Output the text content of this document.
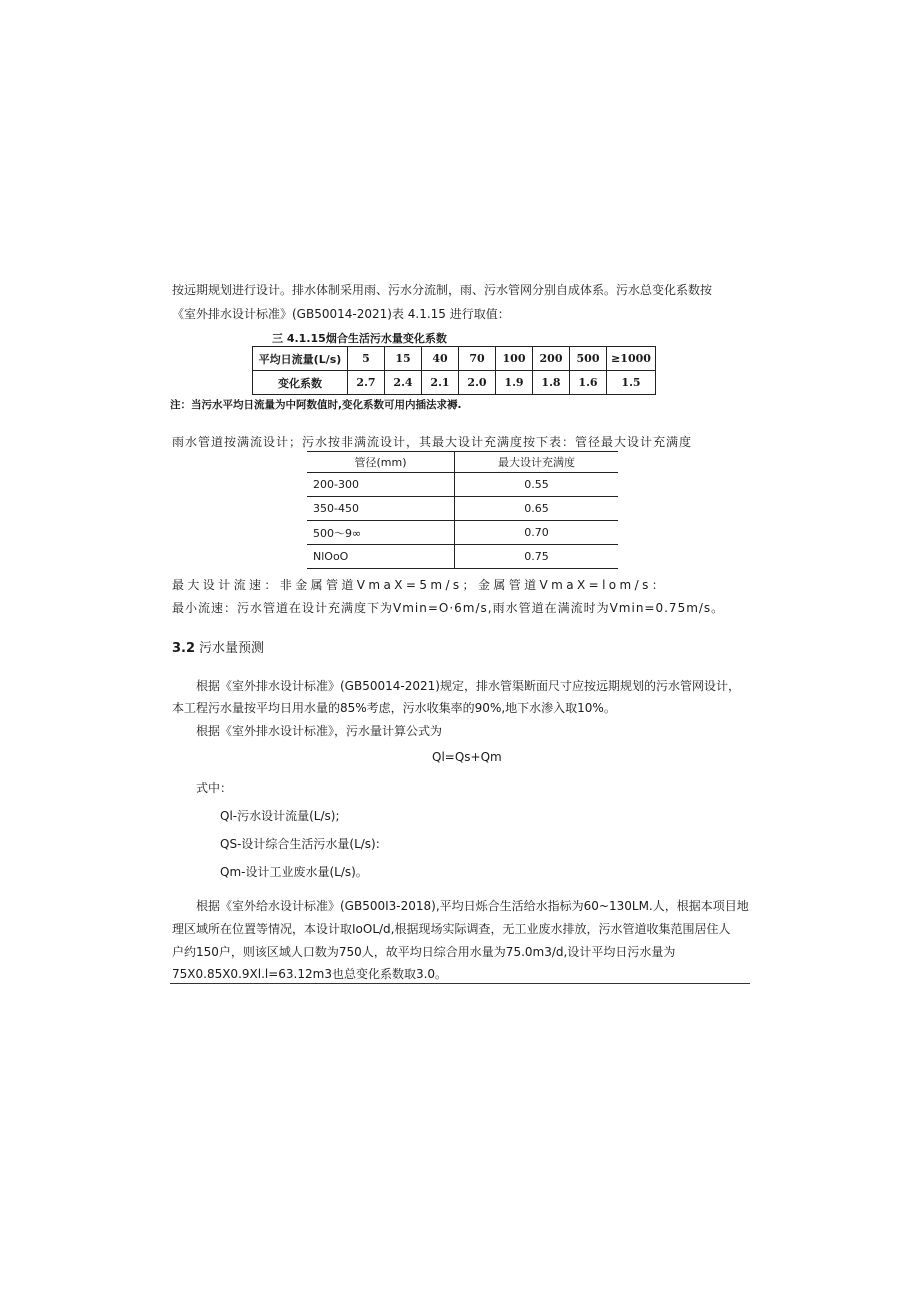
按远期规划进行设计。排水体制采用雨、污水分流制，雨、污水管网分别自成体系。污水总变化系数按
《室外排水设计标准》(GB50014-2021)表 4.1.15 进行取值：
三 4.1.15烟合生活污水量变化系数
平均日流量(L/s)	5	15	40	70	100	200	500	≥1000
变化系数	2.7	2.4	2.1	2.0	1.9	1.8	1.6	1.5
注：当污水平均日流量为中阿数值时,变化系数可用内插法求褥.
雨水管道按满流设计；污水按非满流设计，其最大设计充满度按下表：管径最大设计充满度
管径(mm)	最大设计充满度
200-300	0.55
350-450	0.65
500～9∞	0.70
NlOoO	0.75
最大设计流速：非金属管道VmaX=5m/s；金属管道VmaX=lom/s：
最小流速：污水管道在设计充满度下为Vmin=O·6m/s,雨水管道在满流时为Vmin=0.75m/s。
3.2 污水量预测
根据《室外排水设计标准》(GB50014-2021)规定，排水管渠断面尺寸应按远期规划的污水管网设计，
本工程污水量按平均日用水量的85%考虑，污水收集率的90%,地下水渗入取10%。
根据《室外排水设计标准》，污水量计算公式为
Ql=Qs+Qm
式中：
Ql-污水设计流量(L/s);
QS-设计综合生活污水量(L/s):
Qm-设计工业废水量(L/s)。
根据《室外给水设计标准》(GB500I3-2018),平均日烁合生活给水指标为60~130LM.人，根据本项目地
理区域所在位置等情况，本设计取IoOL/d,根据现场实际调查，无工业废水排放，污水管道收集范围居住人
户约150户，则该区域人口数为750人，故平均日综合用水量为75.0m3/d,设计平均日污水量为
75X0.85X0.9Xl.l=63.12m3也总变化系数取3.0。
